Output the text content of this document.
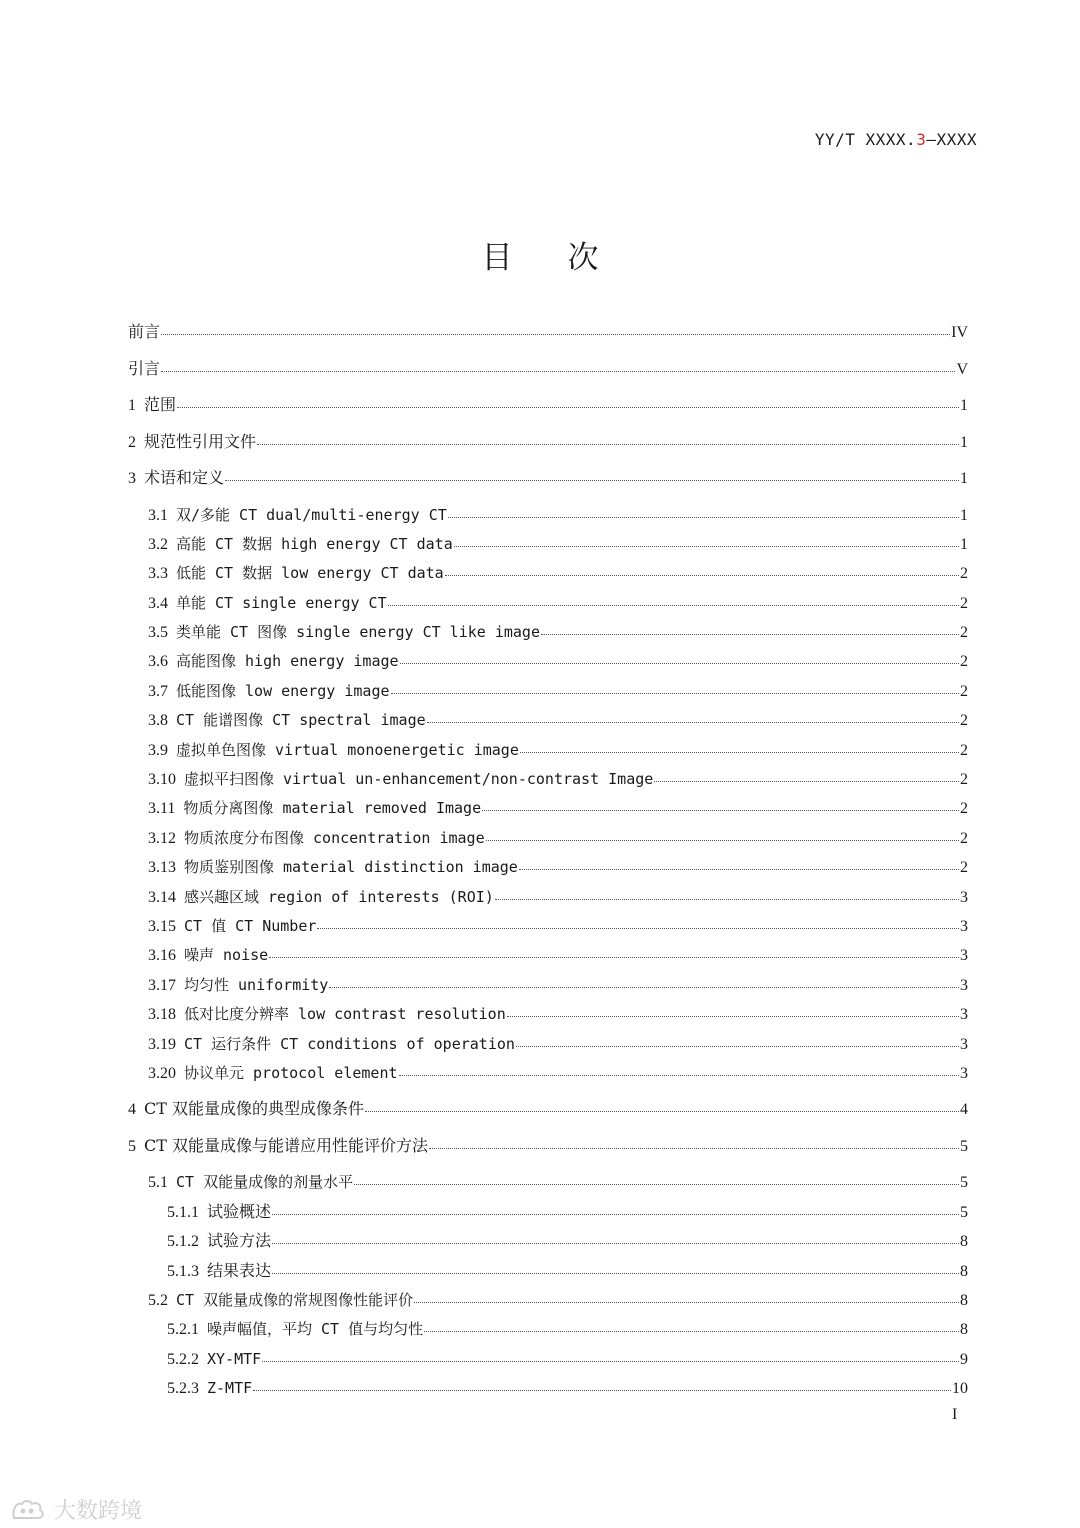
YY/T XXXX.3—XXXX
目次
前言	IV
引言	V
1 范围	1
2 规范性引用文件	1
3 术语和定义	1
3.1 双/多能 CT dual/multi-energy CT	1
3.2 高能 CT 数据 high energy CT data	1
3.3 低能 CT 数据 low energy CT data	2
3.4 单能 CT single energy CT	2
3.5 类单能 CT 图像 single energy CT like image	2
3.6 高能图像 high energy image	2
3.7 低能图像 low energy image	2
3.8 CT 能谱图像 CT spectral image	2
3.9 虚拟单色图像 virtual monoenergetic image	2
3.10 虚拟平扫图像 virtual un-enhancement/non-contrast Image	2
3.11 物质分离图像 material removed Image	2
3.12 物质浓度分布图像 concentration image	2
3.13 物质鉴别图像 material distinction image	2
3.14 感兴趣区域 region of interests (ROI)	3
3.15 CT 值 CT Number	3
3.16 噪声 noise	3
3.17 均匀性 uniformity	3
3.18 低对比度分辨率 low contrast resolution	3
3.19 CT 运行条件 CT conditions of operation	3
3.20 协议单元 protocol element	3
4 CT 双能量成像的典型成像条件	4
5 CT 双能量成像与能谱应用性能评价方法	5
5.1 CT 双能量成像的剂量水平	5
5.1.1 试验概述	5
5.1.2 试验方法	8
5.1.3 结果表达	8
5.2 CT 双能量成像的常规图像性能评价	8
5.2.1 噪声幅值，平均 CT 值与均匀性	8
5.2.2 XY-MTF	9
5.2.3 Z-MTF	10
I
大数跨境
